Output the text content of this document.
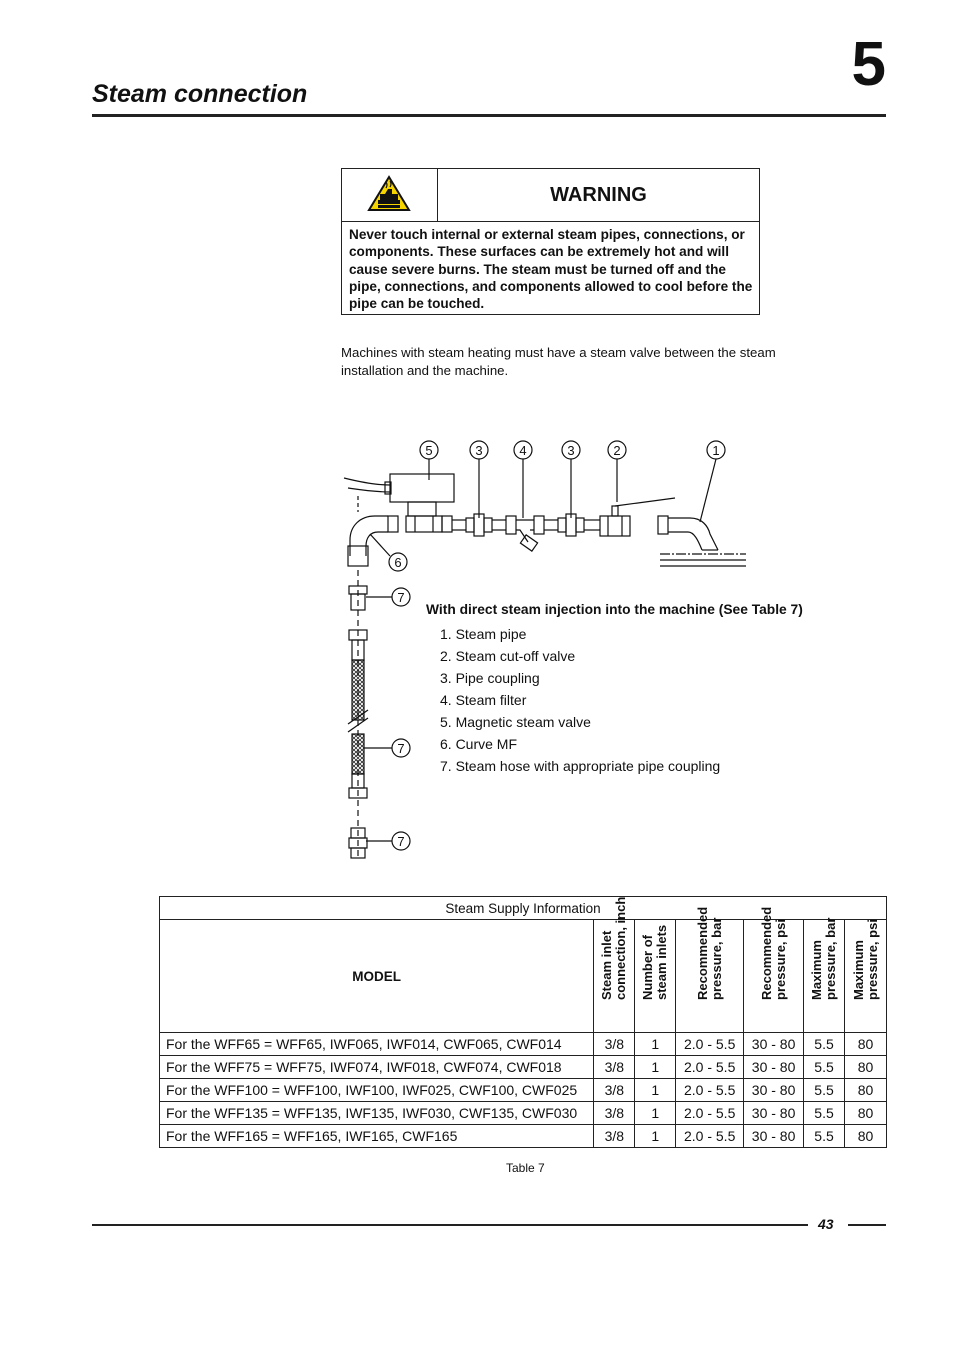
Steam connection	5
WARNING
Never touch internal or external steam pipes, connections, or components. These surfaces can be extremely hot and will cause severe burns. The steam must be turned off and the pipe, connections, and components allowed to cool before the pipe can be touched.
Machines with steam heating must have a steam valve between the steam installation and the machine.
5	3	4	3	2	1
6
7
7
7
With direct steam injection into the machine (See Table 7)
1. Steam pipe
2. Steam cut-off valve
3. Pipe coupling
4. Steam filter
5. Magnetic steam valve
6. Curve MF
7. Steam hose with appropriate pipe coupling
Steam Supply Information						
MODEL	Steam inlet connection, inch	Number of steam inlets	Recommended pressure, bar	Recommended pressure, psi	Maximum pressure, bar	Maximum pressure, psi

For the WFF65 = WFF65, IWF065, IWF014, CWF065, CWF014	3/8	1	2.0 - 5.5	30 - 80	5.5	80
For the WFF75 = WFF75, IWF074, IWF018, CWF074, CWF018	3/8	1	2.0 - 5.5	30 - 80	5.5	80
For the WFF100 = WFF100, IWF100, IWF025, CWF100, CWF025	3/8	1	2.0 - 5.5	30 - 80	5.5	80
For the WFF135 = WFF135, IWF135, IWF030, CWF135, CWF030	3/8	1	2.0 - 5.5	30 - 80	5.5	80
For the WFF165 = WFF165, IWF165, CWF165	3/8	1	2.0 - 5.5	30 - 80	5.5	80
Table 7
43
